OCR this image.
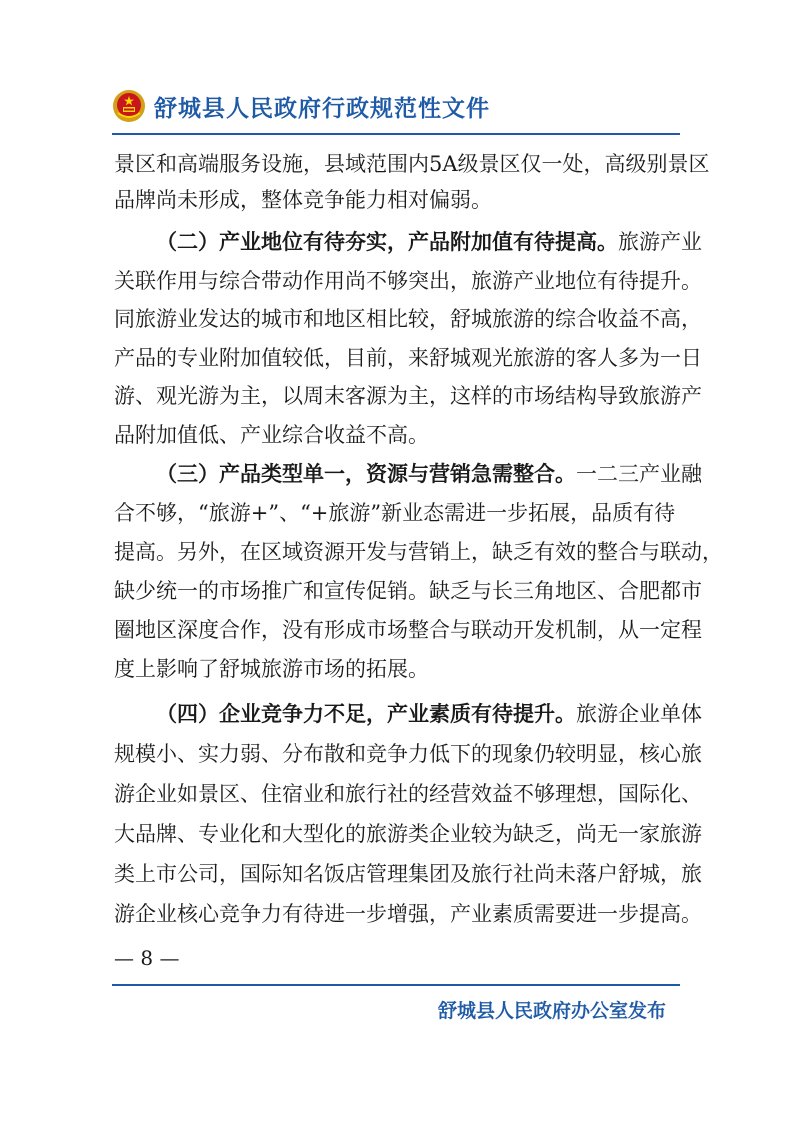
舒城县人民政府行政规范性文件
景区和高端服务设施，县域范围内5A级景区仅一处，高级别景区
品牌尚未形成，整体竞争能力相对偏弱。
（二）产业地位有待夯实，产品附加值有待提高。旅游产业
关联作用与综合带动作用尚不够突出，旅游产业地位有待提升。
同旅游业发达的城市和地区相比较，舒城旅游的综合收益不高，
产品的专业附加值较低，目前，来舒城观光旅游的客人多为一日
游、观光游为主，以周末客源为主，这样的市场结构导致旅游产
品附加值低、产业综合收益不高。
（三）产品类型单一，资源与营销急需整合。一二三产业融
合不够，“旅游+”、“+旅游”新业态需进一步拓展，品质有待
提高。另外，在区域资源开发与营销上，缺乏有效的整合与联动，
缺少统一的市场推广和宣传促销。缺乏与长三角地区、合肥都市
圈地区深度合作，没有形成市场整合与联动开发机制，从一定程
度上影响了舒城旅游市场的拓展。
（四）企业竞争力不足，产业素质有待提升。旅游企业单体
规模小、实力弱、分布散和竞争力低下的现象仍较明显，核心旅
游企业如景区、住宿业和旅行社的经营效益不够理想，国际化、
大品牌、专业化和大型化的旅游类企业较为缺乏，尚无一家旅游
类上市公司，国际知名饭店管理集团及旅行社尚未落户舒城，旅
游企业核心竞争力有待进一步增强，产业素质需要进一步提高。
— 8 —
舒城县人民政府办公室发布
